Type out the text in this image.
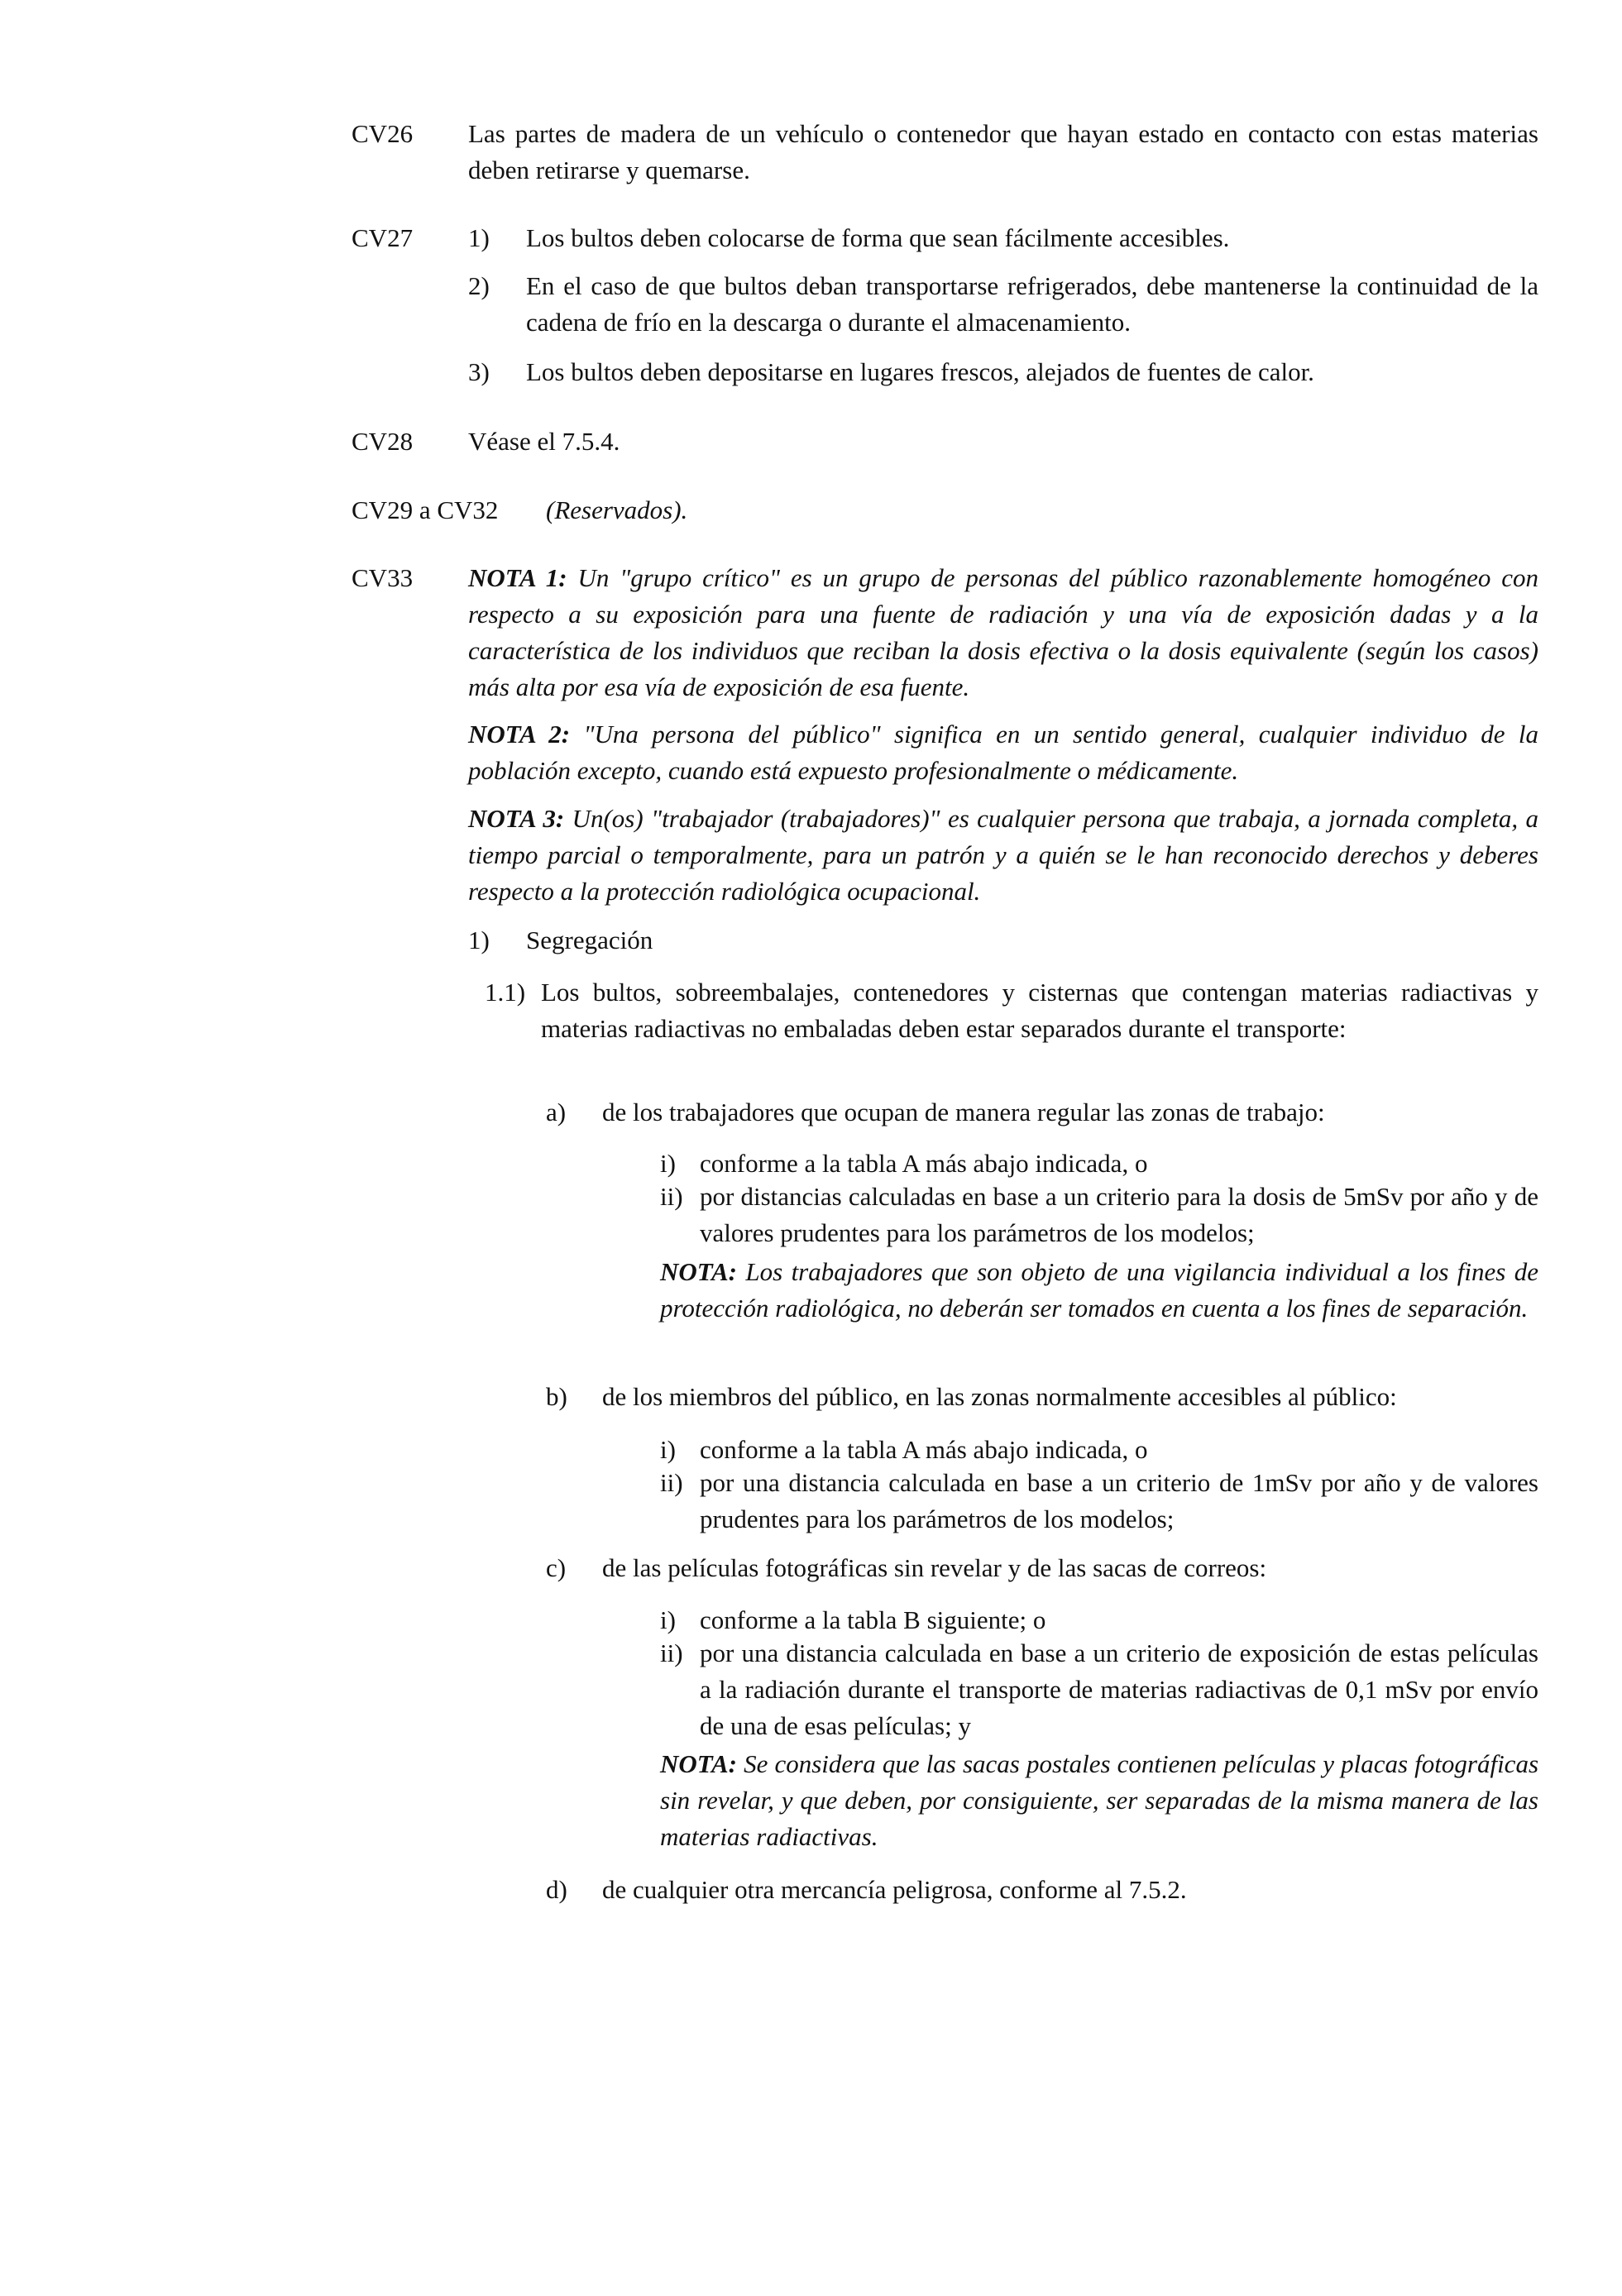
CV26 Las partes de madera de un vehículo o contenedor que hayan estado en contacto con estas materias deben retirarse y quemarse.
CV27 1) Los bultos deben colocarse de forma que sean fácilmente accesibles.
2) En el caso de que bultos deban transportarse refrigerados, debe mantenerse la continuidad de la cadena de frío en la descarga o durante el almacenamiento.
3) Los bultos deben depositarse en lugares frescos, alejados de fuentes de calor.
CV28 Véase el 7.5.4.
CV29 a CV32 (Reservados).
CV33 NOTA 1: Un "grupo crítico" es un grupo de personas del público razonablemente homogéneo con respecto a su exposición para una fuente de radiación y una vía de exposición dadas y a la característica de los individuos que reciban la dosis efectiva o la dosis equivalente (según los casos) más alta por esa vía de exposición de esa fuente.
NOTA 2: "Una persona del público" significa en un sentido general, cualquier individuo de la población excepto, cuando está expuesto profesionalmente o médicamente.
NOTA 3: Un(os) "trabajador (trabajadores)" es cualquier persona que trabaja, a jornada completa, a tiempo parcial o temporalmente, para un patrón y a quién se le han reconocido derechos y deberes respecto a la protección radiológica ocupacional.
1) Segregación
1.1) Los bultos, sobreembalajes, contenedores y cisternas que contengan materias radiactivas y materias radiactivas no embaladas deben estar separados durante el transporte:
a) de los trabajadores que ocupan de manera regular las zonas de trabajo:
i) conforme a la tabla A más abajo indicada, o
ii) por distancias calculadas en base a un criterio para la dosis de 5mSv por año y de valores prudentes para los parámetros de los modelos;
NOTA: Los trabajadores que son objeto de una vigilancia individual a los fines de protección radiológica, no deberán ser tomados en cuenta a los fines de separación.
b) de los miembros del público, en las zonas normalmente accesibles al público:
i) conforme a la tabla A más abajo indicada, o
ii) por una distancia calculada en base a un criterio de 1mSv por año y de valores prudentes para los parámetros de los modelos;
c) de las películas fotográficas sin revelar y de las sacas de correos:
i) conforme a la tabla B siguiente; o
ii) por una distancia calculada en base a un criterio de exposición de estas películas a la radiación durante el transporte de materias radiactivas de 0,1 mSv por envío de una de esas películas; y
NOTA: Se considera que las sacas postales contienen películas y placas fotográficas sin revelar, y que deben, por consiguiente, ser separadas de la misma manera de las materias radiactivas.
d) de cualquier otra mercancía peligrosa, conforme al 7.5.2.
